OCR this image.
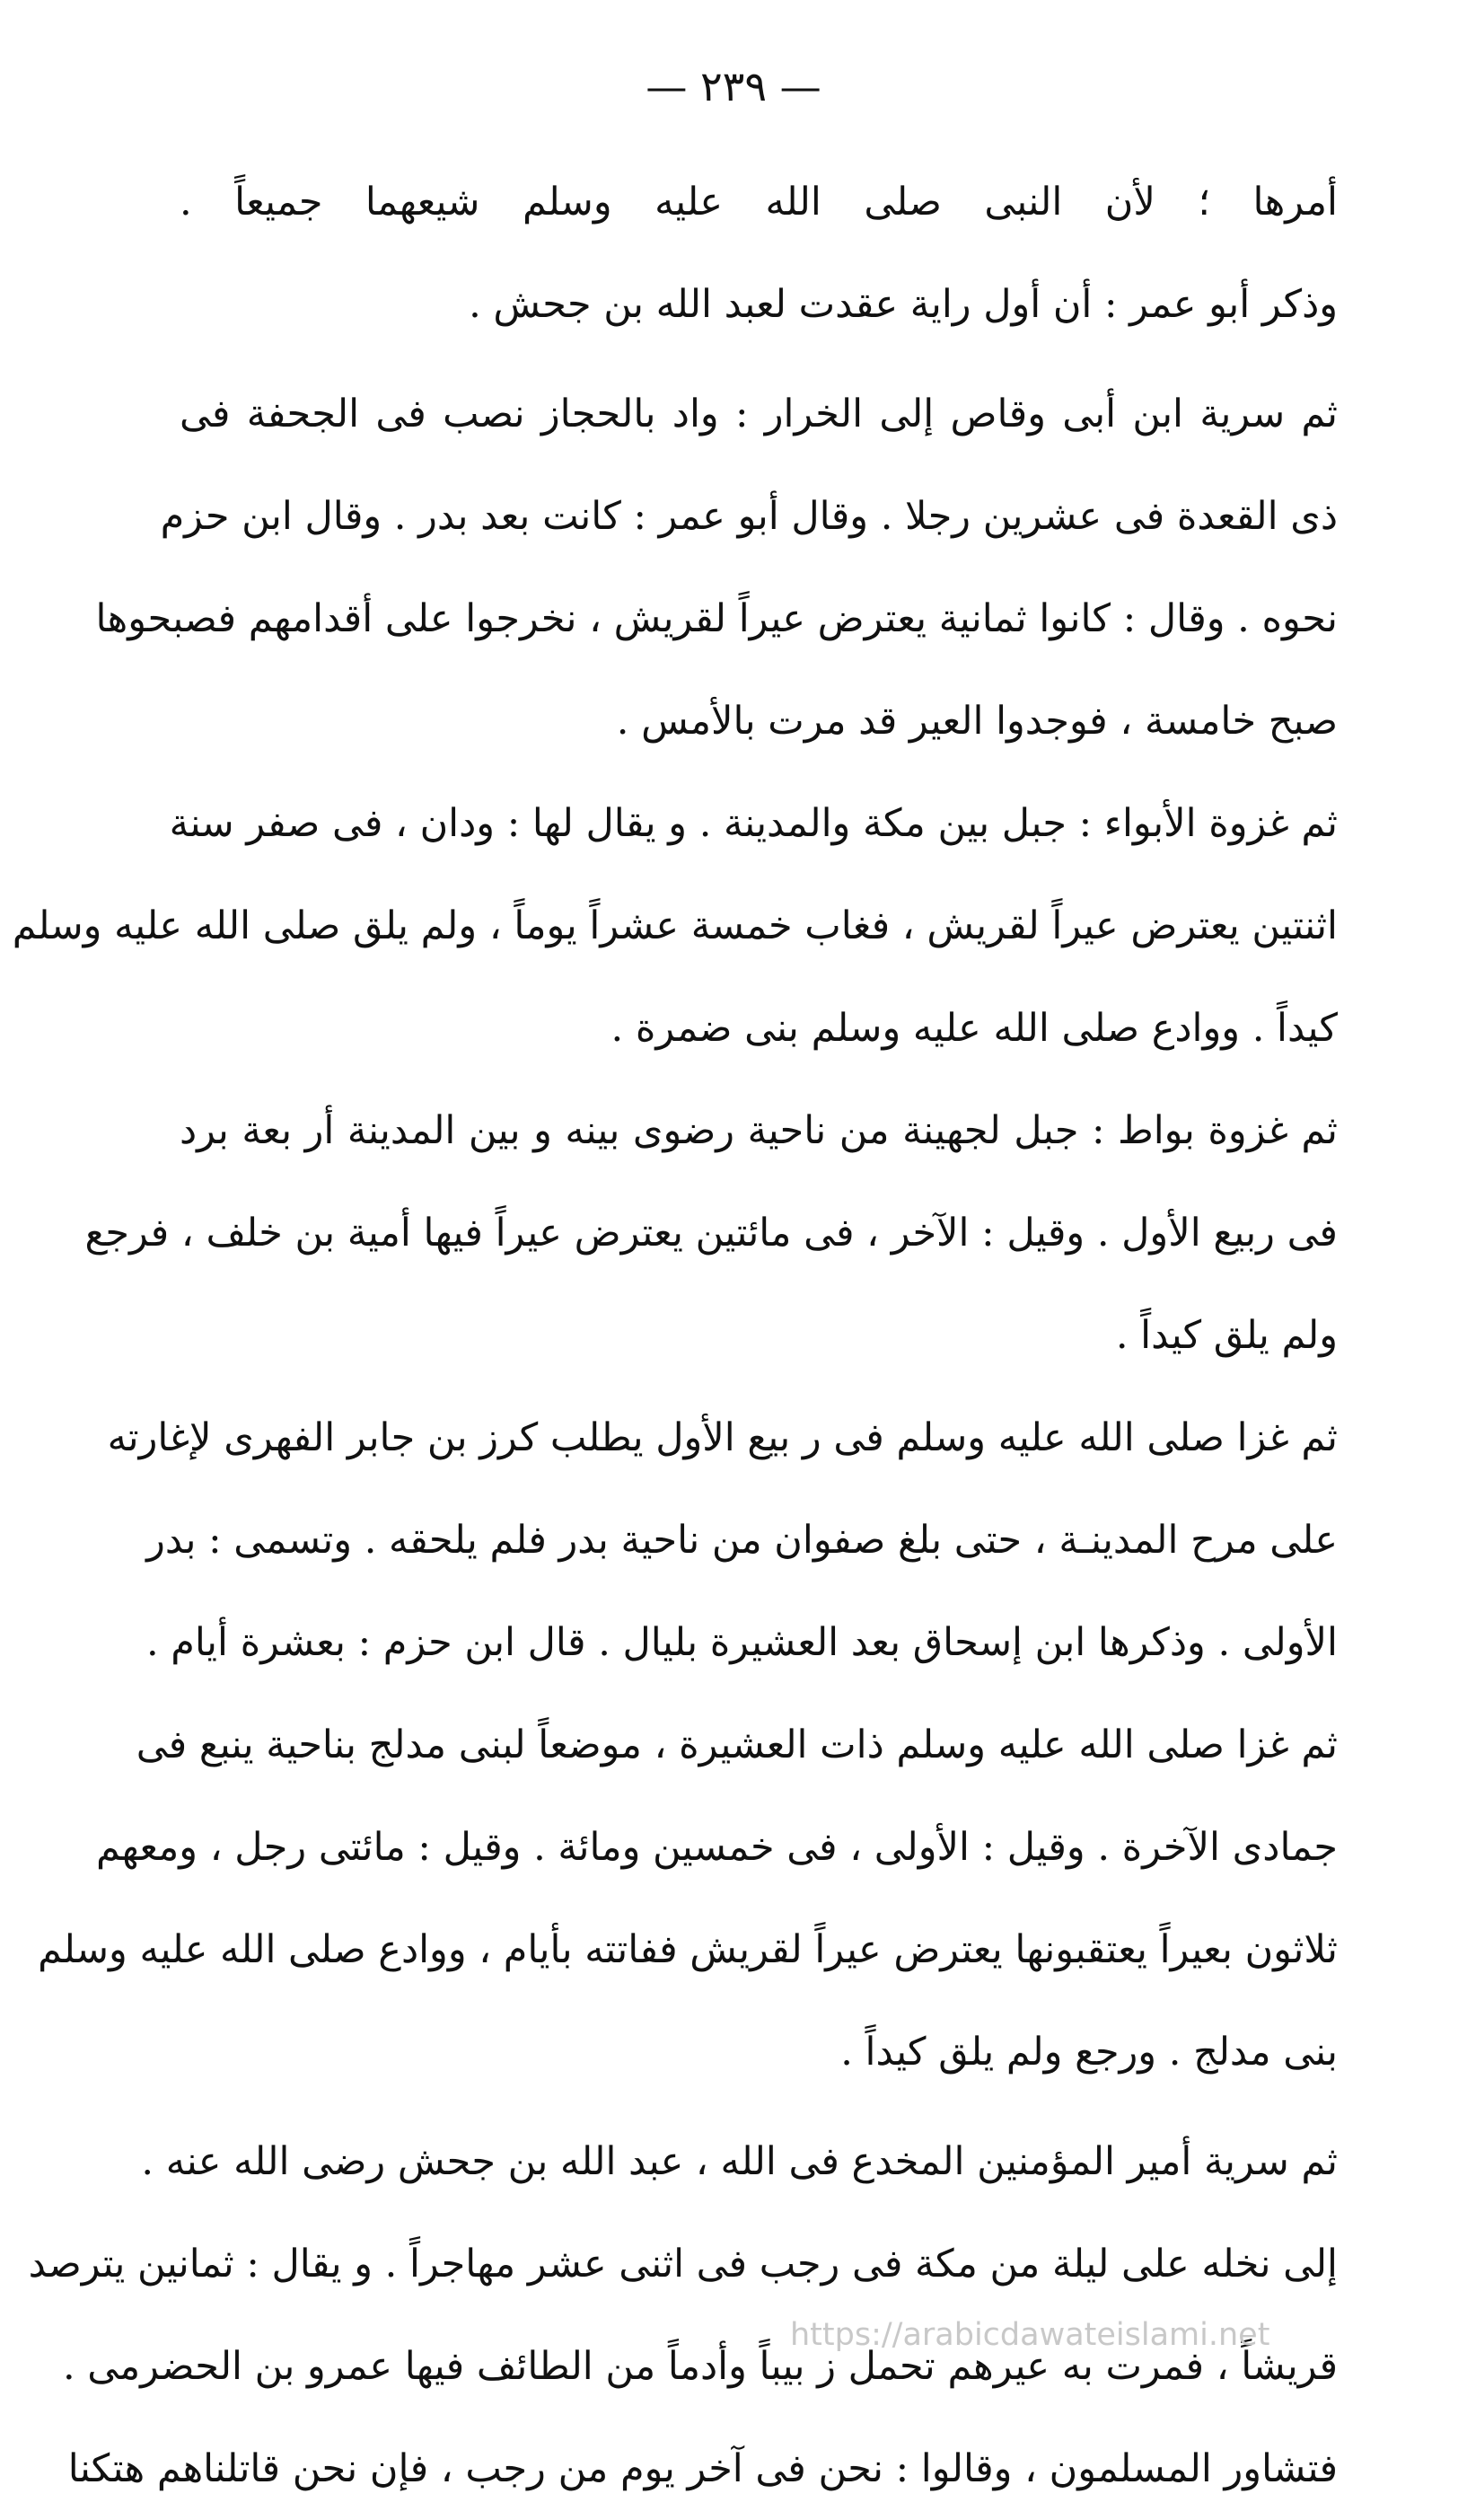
— ٢٣٩ —
أمرها ؛ لأن النبى صلى الله عليه وسلم شيعهما جميعاً .
وذكر أبو عمر : أن أول راية عقدت لعبد الله بن جحش .
ثم سرية ابن أبى وقاص إلى الخرار : واد بالحجاز نصب فى الجحفة فى
ذى القعدة فى عشرين رجلا . وقال أبو عمر : كانت بعد بدر . وقال ابن حزم
نحوه . وقال : كانوا ثمانية يعترض عيراً لقريش ، نخرجوا على أقدامهم فصبحوها
صبح خامسة ، فوجدوا العير قد مرت بالأمس .
ثم غزوة الأبواء : جبل بين مكة والمدينة . و يقال لها : ودان ، فى صفر سنة
اثنتين يعترض عيراً لقريش ، فغاب خمسة عشراً يوماً ، ولم يلق صلى الله عليه وسلم
كيداً . ووادع صلى الله عليه وسلم بنى ضمرة .
ثم غزوة بواط : جبل لجهينة من ناحية رضوى بينه و بين المدينة أر بعة برد
فى ربيع الأول . وقيل : الآخر ، فى مائتين يعترض عيراً فيها أمية بن خلف ، فرجع
ولم يلق كيداً .
ثم غزا صلى الله عليه وسلم فى ر بيع الأول يطلب كرز بن جابر الفهرى لإغارته
على مرح المدينـة ، حتى بلغ صفوان من ناحية بدر فلم يلحقه . وتسمى : بدر
الأولى . وذكرها ابن إسحاق بعد العشيرة بليال . قال ابن حزم : بعشرة أيام .
ثم غزا صلى الله عليه وسلم ذات العشيرة ، موضعاً لبنى مدلج بناحية ينبع فى
جمادى الآخرة . وقيل : الأولى ، فى خمسين ومائة . وقيل : مائتى رجل ، ومعهم
ثلاثون بعيراً يعتقبونها يعترض عيراً لقريش ففاتته بأيام ، ووادع صلى الله عليه وسلم
بنى مدلج . ورجع ولم يلق كيداً .
ثم سرية أمير المؤمنين المخدع فى الله ، عبد الله بن جحش رضى الله عنه .
إلى نخله على ليلة من مكة فى رجب فى اثنى عشر مهاجراً . و يقال : ثمانين يترصد
قريشاً ، فمرت به عيرهم تحمل ز بيباً وأدماً من الطائف فيها عمرو بن الحضرمى .
فتشاور المسلمون ، وقالوا : نحن فى آخر يوم من رجب ، فإن نحن قاتلناهم هتكنا
https://arabicdawateislami.net
